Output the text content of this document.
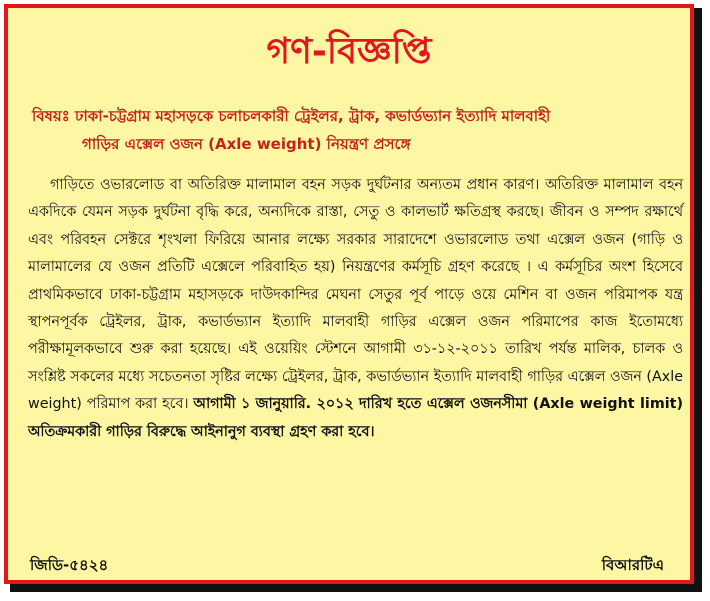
গণ-বিজ্ঞপ্তি
বিষয়ঃ ঢাকা-চট্টগ্রাম মহাসড়কে চলাচলকারী ট্রেইলর, ট্রাক, কভার্ডভ্যান ইত্যাদি মালবাহী
গাড়ির এক্সেল ওজন (Axle weight) নিয়ন্ত্রণ প্রসঙ্গে
গাড়িতে ওভারলোড বা অতিরিক্ত মালামাল বহন সড়ক দুর্ঘটনার অন্যতম প্রধান কারণ। অতিরিক্ত মালামাল বহন একদিকে যেমন সড়ক দুর্ঘটনা বৃদ্ধি করে, অন্যদিকে রাস্তা, সেতু ও কালভার্ট ক্ষতিগ্রস্থ করছে। জীবন ও সম্পদ রক্ষার্থে এবং পরিবহন সেক্টরে শৃংখলা ফিরিয়ে আনার লক্ষ্যে সরকার সারাদেশে ওভারলোড তথা এক্সেল ওজন (গাড়ি ও মালামালের যে ওজন প্রতিটি এক্সেলে পরিবাহিত হয়) নিয়ন্ত্রণের কর্মসূচি গ্রহণ করেছে । এ কর্মসূচির অংশ হিসেবে প্রাথমিকভাবে ঢাকা-চট্টগ্রাম মহাসড়কে দাউদকান্দির মেঘনা সেতুর পূর্ব পাড়ে ওয়ে মেশিন বা ওজন পরিমাপক যন্ত্র স্থাপনপূর্বক ট্রেইলর, ট্রাক, কভার্ডভ্যান ইত্যাদি মালবাহী গাড়ির এক্সেল ওজন পরিমাপের কাজ ইতোমধ্যে পরীক্ষামূলকভাবে শুরু করা হয়েছে। এই ওয়েয়িং স্টেশনে আগামী ৩১-১২-২০১১ তারিখ পর্যন্ত মালিক, চালক ও সংশ্লিষ্ট সকলের মধ্যে সচেতনতা সৃষ্টির লক্ষ্যে ট্রেইলর, ট্রাক, কভার্ডভ্যান ইত্যাদি মালবাহী গাড়ির এক্সেল ওজন (Axle weight) পরিমাপ করা হবে। আগামী ১ জানুয়ারি. ২০১২ দারিখ হতে এক্সেল ওজনসীমা (Axle weight limit) অতিক্রমকারী গাড়ির বিরুদ্ধে আইনানুগ ব্যবস্থা গ্রহণ করা হবে।
জিডি-৫৪২৪	বিআরটিএ
